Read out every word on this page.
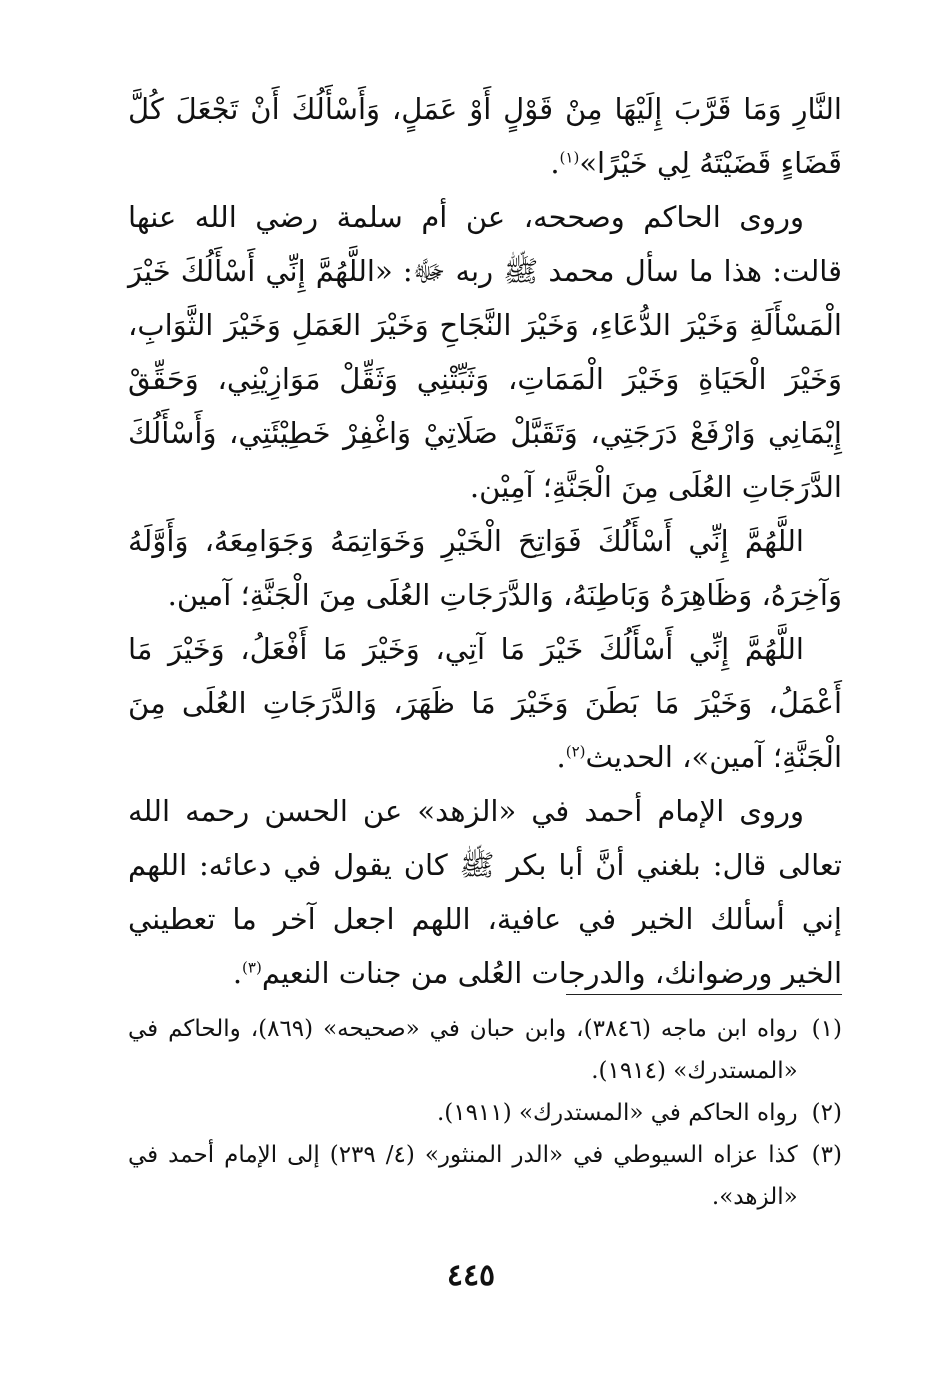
النَّارِ وَمَا قَرَّبَ إِلَيْهَا مِنْ قَوْلٍ أَوْ عَمَلٍ، وَأَسْأَلُكَ أَنْ تَجْعَلَ كُلَّ قَضَاءٍ قَضَيْتَهُ لِي خَيْرًا»$^{(١)}$.

وروى الحاكم وصححه، عن أم سلمة رضي الله عنها قالت: هذا ما سأل محمد ﷺ ربه ﷻ: «اللَّهُمَّ إِنِّي أَسْأَلُكَ خَيْرَ الْمَسْأَلَةِ وَخَيْرَ الدُّعَاءِ، وَخَيْرَ النَّجَاحِ وَخَيْرَ العَمَلِ وَخَيْرَ الثَّوَابِ، وَخَيْرَ الْحَيَاةِ وَخَيْرَ الْمَمَاتِ، وَثَبِّتْنِي وَثَقِّلْ مَوَازِيْنِي، وَحَقِّقْ إِيْمَانِي وَارْفَعْ دَرَجَتِي، وَتَقَبَّلْ صَلَاتِيْ وَاغْفِرْ خَطِيْئَتِي، وَأَسْأَلُكَ الدَّرَجَاتِ العُلَى مِنَ الْجَنَّةِ؛ آمِيْن.

اللَّهُمَّ إِنِّي أَسْأَلُكَ فَوَاتِحَ الْخَيْرِ وَخَوَاتِمَهُ وَجَوَامِعَهُ، وَأَوَّلَهُ وَآخِرَهُ، وَظَاهِرَهُ وَبَاطِنَهُ، وَالدَّرَجَاتِ العُلَى مِنَ الْجَنَّةِ؛ آمين.

اللَّهُمَّ إِنِّي أَسْأَلُكَ خَيْرَ مَا آتِي، وَخَيْرَ مَا أَفْعَلُ، وَخَيْرَ مَا أَعْمَلُ، وَخَيْرَ مَا بَطَنَ وَخَيْرَ مَا ظَهَرَ، وَالدَّرَجَاتِ العُلَى مِنَ الْجَنَّةِ؛ آمين»، الحديث$^{(٢)}$.

وروى الإمام أحمد في «الزهد» عن الحسن رحمه الله تعالى قال: بلغني أنَّ أبا بكر ﷺ كان يقول في دعائه: اللهم إني أسألك الخير في عافية، اللهم اجعل آخر ما تعطيني الخير ورضوانك، والدرجات العُلى من جنات النعيم$^{(٣)}$.

(١)
رواه ابن ماجه (٣٨٤٦)، وابن حبان في «صحيحه» (٨٦٩)، والحاكم في «المستدرك» (١٩١٤).

(٢)
رواه الحاكم في «المستدرك» (١٩١١).

(٣)
كذا عزاه السيوطي في «الدر المنثور» (٤/ ٢٣٩) إلى الإمام أحمد في «الزهد».

٤٤٥
